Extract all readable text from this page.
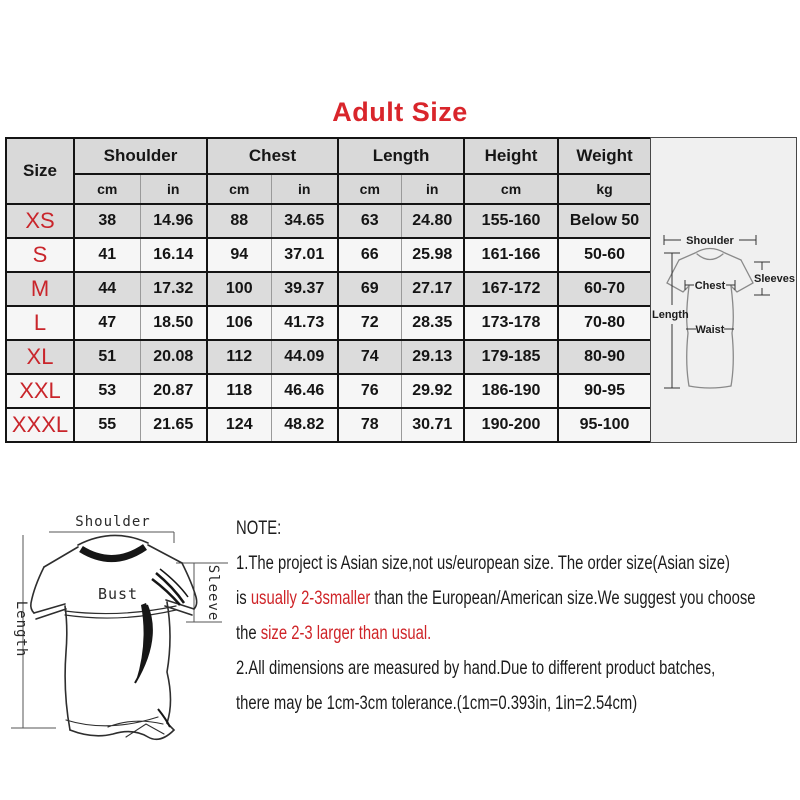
Adult Size
Size	Shoulder		Chest		Length		Height	Weight
	cm	in	cm	in	cm	in	cm	kg
XS	38	14.96	88	34.65	63	24.80	155-160	Below 50
S	41	16.14	94	37.01	66	25.98	161-166	50-60
M	44	17.32	100	39.37	69	27.17	167-172	60-70
L	47	18.50	106	41.73	72	28.35	173-178	70-80
XL	51	20.08	112	44.09	74	29.13	179-185	80-90
XXL	53	20.87	118	46.46	76	29.92	186-190	90-95
XXXL	55	21.65	124	48.82	78	30.71	190-200	95-100
Shoulder
Sleeves
Chest
Waist
Length
Shoulder
Bust
Length
Sleeve
NOTE:
1.The project is Asian size,not us/european size. The order size(Asian size)
is usually 2-3smaller than the European/American size.We suggest you choose
the size 2-3 larger than usual.
2.All dimensions are measured by hand.Due to different product batches,
there may be 1cm-3cm tolerance.(1cm=0.393in, 1in=2.54cm)
